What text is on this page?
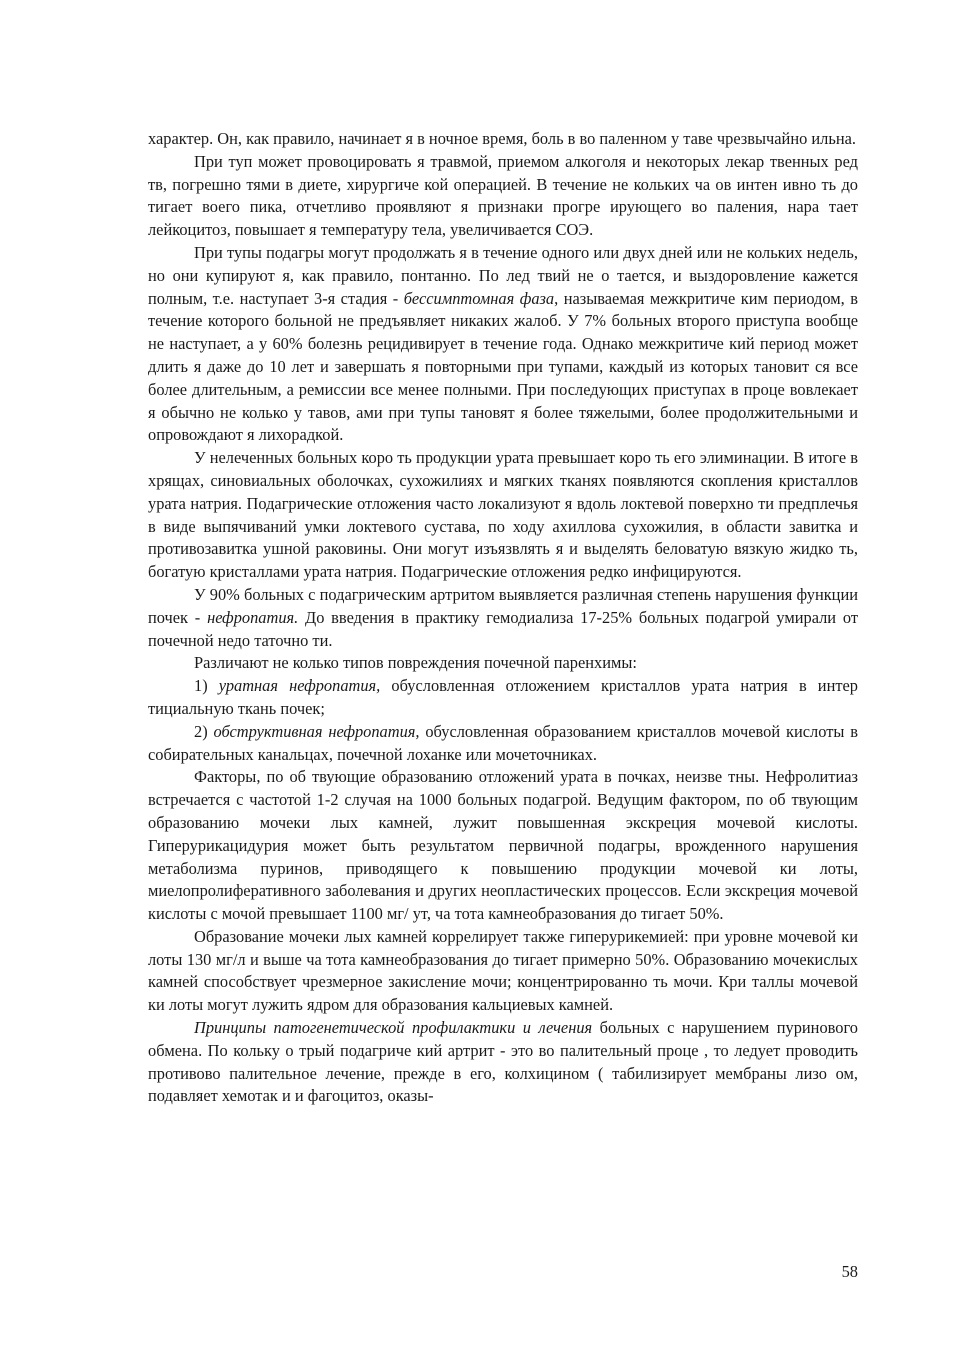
характер. Он, как правило, начинает я в ночное время, боль в во паленном у таве чрезвычайно ильна.

При туп может провоцировать я травмой, приемом алкоголя и некоторых лекар твенных ред тв, погрешно тями в диете, хирургиче кой операцией. В течение не кольких ча ов интен ивно ть до тигает воего пика, отчетливо проявляют я признаки прогре ирующего во паления, нара тает лейкоцитоз, повышает я температуру тела, увеличивается СОЭ.

При тупы подагры могут продолжать я в течение одного или двух дней или не кольких недель, но они купируют я, как правило, понтанно. По лед твий не о тается, и выздоровление кажется полным, т.е. наступает 3-я стадия - бессимптомная фаза, называемая межкритиче ким периодом, в течение которого больной не предъявляет никаких жалоб. У 7% больных второго приступа вообще не наступает, а у 60% болезнь рецидивирует в течение года. Однако межкритиче кий период может длить я даже до 10 лет и завершать я повторными при тупами, каждый из которых тановит ся все более длительным, а ремиссии все менее полными. При последующих приступах в проце вовлекает я обычно не колько у тавов, ами при тупы тановят я более тяжелыми, более продолжительными и опровождают я лихорадкой.

У нелеченных больных коро ть продукции урата превышает коро ть его элиминации. В итоге в хрящах, синовиальных оболочках, сухожилиях и мягких тканях появляются скопления кристаллов урата натрия. Подагрические отложения часто локализуют я вдоль локтевой поверхно ти предплечья в виде выпячиваний умки локтевого сустава, по ходу ахиллова сухожилия, в области завитка и противозавитка ушной раковины. Они могут изъязвлять я и выделять беловатую вязкую жидко ть, богатую кристаллами урата натрия. Подагрические отложения редко инфицируются.

У 90% больных с подагрическим артритом выявляется различная степень нарушения функции почек - нефропатия. До введения в практику гемодиализа 17-25% больных подагрой умирали от почечной недо таточно ти.

Различают не колько типов повреждения почечной паренхимы:

1) уратная нефропатия, обусловленная отложением кристаллов урата натрия в интер тициальную ткань почек;

2) обструктивная нефропатия, обусловленная образованием кристаллов мочевой кислоты в собирательных канальцах, почечной лоханке или мочеточниках.

Факторы, по об твующие образованию отложений урата в почках, неизве тны. Нефролитиаз встречается с частотой 1-2 случая на 1000 больных подагрой. Ведущим фактором, по об твующим образованию мочеки лых камней, лужит повышенная экскреция мочевой кислоты. Гиперурикацидурия может быть результатом первичной подагры, врожденного нарушения метаболизма пуринов, приводящего к повышению продукции мочевой ки лоты, миелопролиферативного заболевания и других неопластических процессов. Если экскреция мочевой кислоты с мочой превышает 1100 мг/ ут, ча тота камнеобразования до тигает 50%.

Образование мочеки лых камней коррелирует также гиперурикемией: при уровне мочевой ки лоты 130 мг/л и выше ча тота камнеобразования до тигает примерно 50%. Образованию мочекислых камней способствует чрезмерное закисление мочи; концентрированно ть мочи. Кри таллы мочевой ки лоты могут лужить ядром для образования кальциевых камней.

Принципы патогенетической профилактики и лечения больных с нарушением пуринового обмена. По кольку о трый подагриче кий артрит - это во палительный проце , то ледует проводить противово палительное лечение, прежде в его, колхицином ( табилизирует мембраны лизо ом, подавляет хемотак и и фагоцитоз, оказы-

58
